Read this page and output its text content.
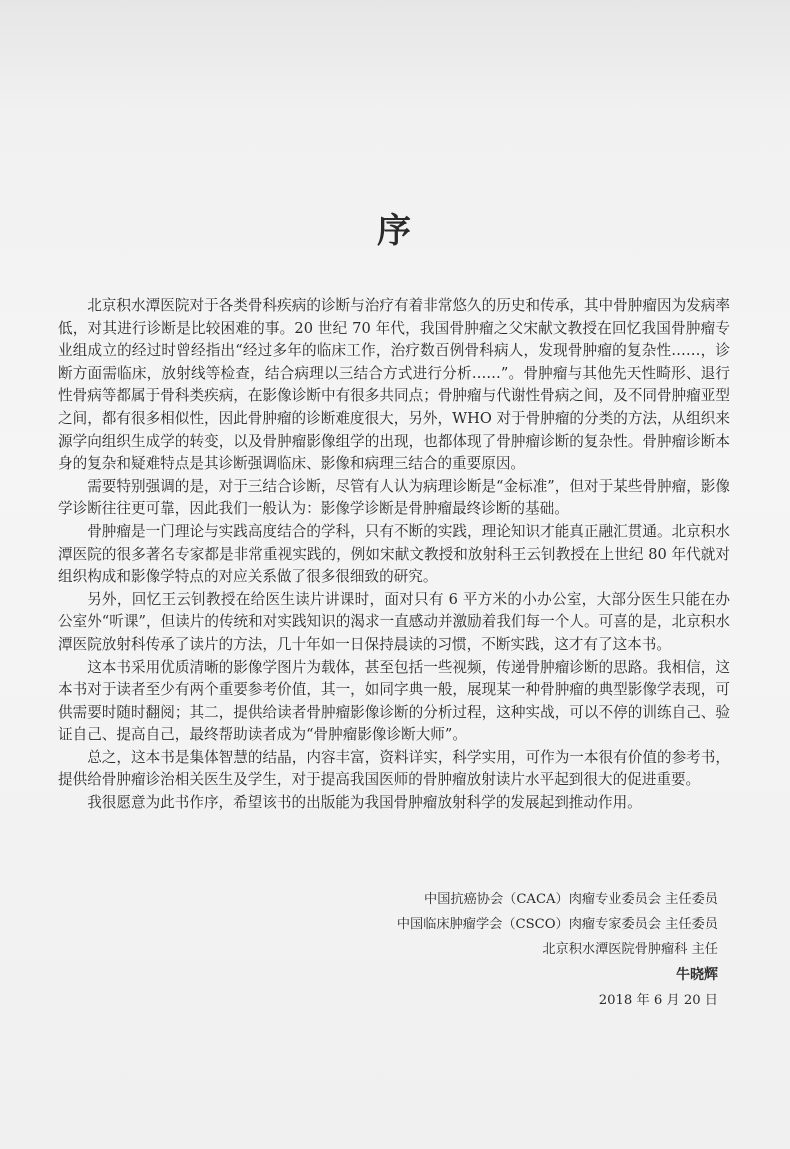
序

北京积水潭医院对于各类骨科疾病的诊断与治疗有着非常悠久的历史和传承，其中骨肿瘤因为发病率低，对其进行诊断是比较困难的事。20 世纪 70 年代，我国骨肿瘤之父宋献文教授在回忆我国骨肿瘤专业组成立的经过时曾经指出“经过多年的临床工作，治疗数百例骨科病人，发现骨肿瘤的复杂性……，诊断方面需临床，放射线等检查，结合病理以三结合方式进行分析……”。骨肿瘤与其他先天性畸形、退行性骨病等都属于骨科类疾病，在影像诊断中有很多共同点；骨肿瘤与代谢性骨病之间，及不同骨肿瘤亚型之间，都有很多相似性，因此骨肿瘤的诊断难度很大，另外，WHO 对于骨肿瘤的分类的方法，从组织来源学向组织生成学的转变，以及骨肿瘤影像组学的出现，也都体现了骨肿瘤诊断的复杂性。骨肿瘤诊断本身的复杂和疑难特点是其诊断强调临床、影像和病理三结合的重要原因。

需要特别强调的是，对于三结合诊断，尽管有人认为病理诊断是“金标准”，但对于某些骨肿瘤，影像学诊断往往更可靠，因此我们一般认为：影像学诊断是骨肿瘤最终诊断的基础。

骨肿瘤是一门理论与实践高度结合的学科，只有不断的实践，理论知识才能真正融汇贯通。北京积水潭医院的很多著名专家都是非常重视实践的，例如宋献文教授和放射科王云钊教授在上世纪 80 年代就对组织构成和影像学特点的对应关系做了很多很细致的研究。

另外，回忆王云钊教授在给医生读片讲课时，面对只有 6 平方米的小办公室，大部分医生只能在办公室外“听课”，但读片的传统和对实践知识的渴求一直感动并激励着我们每一个人。可喜的是，北京积水潭医院放射科传承了读片的方法，几十年如一日保持晨读的习惯，不断实践，这才有了这本书。

这本书采用优质清晰的影像学图片为载体，甚至包括一些视频，传递骨肿瘤诊断的思路。我相信，这本书对于读者至少有两个重要参考价值，其一，如同字典一般，展现某一种骨肿瘤的典型影像学表现，可供需要时随时翻阅；其二，提供给读者骨肿瘤影像诊断的分析过程，这种实战，可以不停的训练自己、验证自己、提高自己，最终帮助读者成为“骨肿瘤影像诊断大师”。

总之，这本书是集体智慧的结晶，内容丰富，资料详实，科学实用，可作为一本很有价值的参考书，提供给骨肿瘤诊治相关医生及学生，对于提高我国医师的骨肿瘤放射读片水平起到很大的促进重要。

我很愿意为此书作序，希望该书的出版能为我国骨肿瘤放射科学的发展起到推动作用。

中国抗癌协会（CACA）肉瘤专业委员会 主任委员
中国临床肿瘤学会（CSCO）肉瘤专家委员会 主任委员
北京积水潭医院骨肿瘤科 主任
牛晓辉
2018 年 6 月 20 日
